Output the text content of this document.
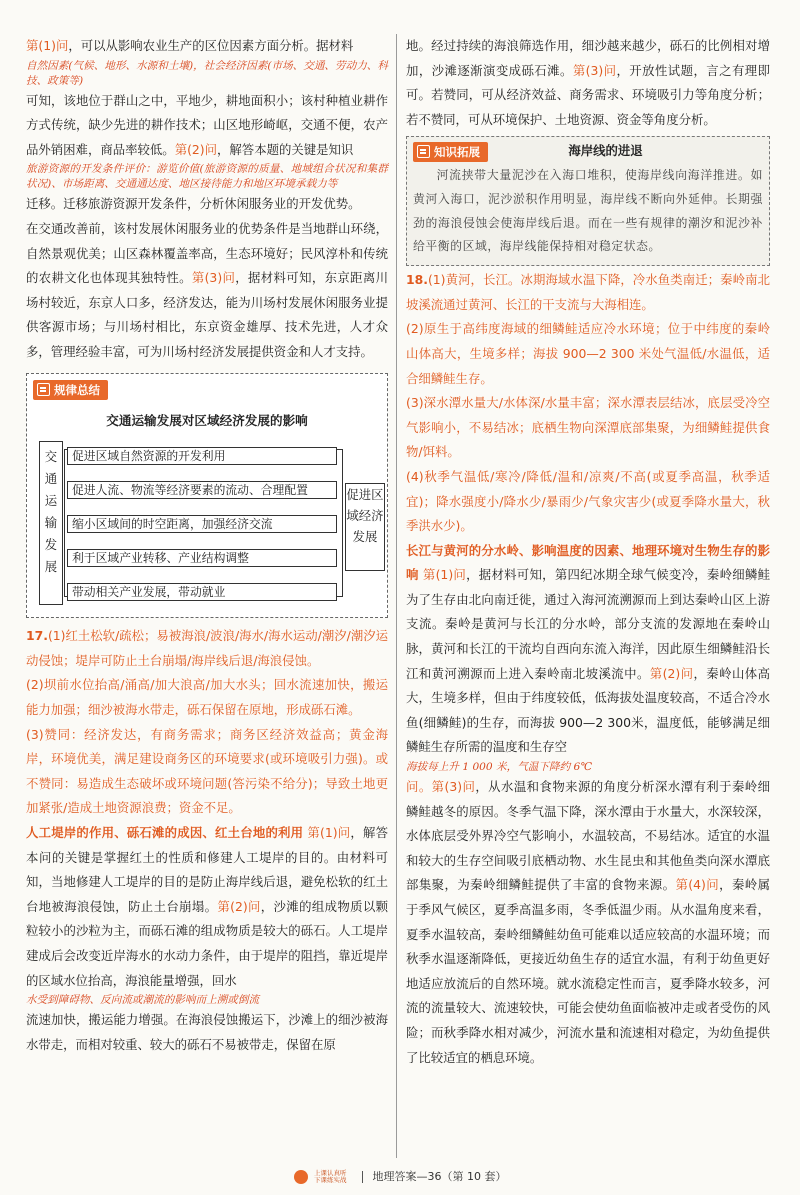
第(1)问，可以从影响农业生产的区位因素方面分析。据材料

自然因素(气候、地形、水源和土壤)，社会经济因素(市场、交通、劳动力、科技、政策等)

可知，该地位于群山之中，平地少，耕地面积小；该村种植业耕作方式传统，缺少先进的耕作技术；山区地形崎岖，交通不便，农产品外销困难，商品率较低。第(2)问，解答本题的关键是知识

旅游资源的开发条件评价：游览价值(旅游资源的质量、地域组合状况和集群状况)、市场距离、交通通达度、地区接待能力和地区环境承载力等

迁移。迁移旅游资源开发条件，分析休闲服务业的开发优势。

在交通改善前，该村发展休闲服务业的优势条件是当地群山环绕，自然景观优美；山区森林覆盖率高，生态环境好；民风淳朴和传统的农耕文化也体现其独特性。第(3)问，据材料可知，东京距离川场村较近，东京人口多，经济发达，能为川场村发展休闲服务业提供客源市场；与川场村相比，东京资金雄厚、技术先进，人才众多，管理经验丰富，可为川场村经济发展提供资金和人才支持。

规律总结
交通运输发展对区域经济发展的影响
交通运输发展
促进区域自然资源的开发利用
促进人流、物流等经济要素的流动、合理配置
缩小区域间的时空距离，加强经济交流
利于区域产业转移、产业结构调整
带动相关产业发展，带动就业
促进区域经济发展

17.(1)红土松软/疏松；易被海浪/波浪/海水/海水运动/潮汐/潮汐运动侵蚀；堤岸可防止土台崩塌/海岸线后退/海浪侵蚀。

(2)坝前水位抬高/涌高/加大浪高/加大水头；回水流速加快，搬运能力加强；细沙被海水带走，砾石保留在原地，形成砾石滩。

(3)赞同：经济发达，有商务需求；商务区经济效益高；黄金海岸，环境优美，满足建设商务区的环境要求(或环境吸引力强)。或不赞同：易造成生态破坏或环境问题(答污染不给分)；导致土地更加紧张/造成土地资源浪费；资金不足。

人工堤岸的作用、砾石滩的成因、红土台地的利用 第(1)问，解答本问的关键是掌握红土的性质和修建人工堤岸的目的。由材料可知，当地修建人工堤岸的目的是防止海岸线后退，避免松软的红土台地被海浪侵蚀，防止土台崩塌。第(2)问，沙滩的组成物质以颗粒较小的沙粒为主，而砾石滩的组成物质是较大的砾石。人工堤岸建成后会改变近岸海水的水动力条件，由于堤岸的阻挡，靠近堤岸的区域水位抬高，海浪能量增强，回水

水受到障碍物、反向流或潮流的影响而上溯或倒流

流速加快，搬运能力增强。在海浪侵蚀搬运下，沙滩上的细沙被海水带走，而相对较重、较大的砾石不易被带走，保留在原

地。经过持续的海浪筛选作用，细沙越来越少，砾石的比例相对增加，沙滩逐渐演变成砾石滩。第(3)问，开放性试题，言之有理即可。若赞同，可从经济效益、商务需求、环境吸引力等角度分析；若不赞同，可从环境保护、土地资源、资金等角度分析。

知识拓展	海岸线的进退

河流挟带大量泥沙在入海口堆积，使海岸线向海洋推进。如黄河入海口，泥沙淤积作用明显，海岸线不断向外延伸。长期强劲的海浪侵蚀会使海岸线后退。而在一些有规律的潮汐和泥沙补给平衡的区域，海岸线能保持相对稳定状态。

18.(1)黄河，长江。冰期海域水温下降，冷水鱼类南迁；秦岭南北坡溪流通过黄河、长江的干支流与大海相连。

(2)原生于高纬度海域的细鳞鲑适应冷水环境；位于中纬度的秦岭山体高大，生境多样；海拔 900—2 300 米处气温低/水温低，适合细鳞鲑生存。

(3)深水潭水量大/水体深/水量丰富；深水潭表层结冰，底层受冷空气影响小，不易结冰；底栖生物向深潭底部集聚，为细鳞鲑提供食物/饵料。

(4)秋季气温低/寒冷/降低/温和/凉爽/不高(或夏季高温，秋季适宜)；降水强度小/降水少/暴雨少/气象灾害少(或夏季降水量大，秋季洪水少)。

长江与黄河的分水岭、影响温度的因素、地理环境对生物生存的影响 第(1)问，据材料可知，第四纪冰期全球气候变冷，秦岭细鳞鲑为了生存由北向南迁徙，通过入海河流溯源而上到达秦岭山区上游支流。秦岭是黄河与长江的分水岭，部分支流的发源地在秦岭山脉，黄河和长江的干流均自西向东流入海洋，因此原生细鳞鲑沿长江和黄河溯源而上进入秦岭南北坡溪流中。第(2)问，秦岭山体高大，生境多样，但由于纬度较低，低海拔处温度较高，不适合冷水鱼(细鳞鲑)的生存，而海拔 900—2 300米，温度低，能够满足细鳞鲑生存所需的温度和生存空

海拔每上升 1 000 米，气温下降约 6℃

问。第(3)问，从水温和食物来源的角度分析深水潭有利于秦岭细鳞鲑越冬的原因。冬季气温下降，深水潭由于水量大，水深较深，水体底层受外界冷空气影响小，水温较高，不易结冰。适宜的水温和较大的生存空间吸引底栖动物、水生昆虫和其他鱼类向深水潭底部集聚，为秦岭细鳞鲑提供了丰富的食物来源。第(4)问，秦岭属于季风气候区，夏季高温多雨，冬季低温少雨。从水温角度来看，夏季水温较高，秦岭细鳞鲑幼鱼可能难以适应较高的水温环境；而秋季水温逐渐降低，更接近幼鱼生存的适宜水温，有利于幼鱼更好地适应放流后的自然环境。就水流稳定性而言，夏季降水较多，河流的流量较大、流速较快，可能会使幼鱼面临被冲走或者受伤的风险；而秋季降水相对减少，河流水量和流速相对稳定，为幼鱼提供了比较适宜的栖息环境。

上课认真听
下课练实战 地理答案—36（第 10 套）
